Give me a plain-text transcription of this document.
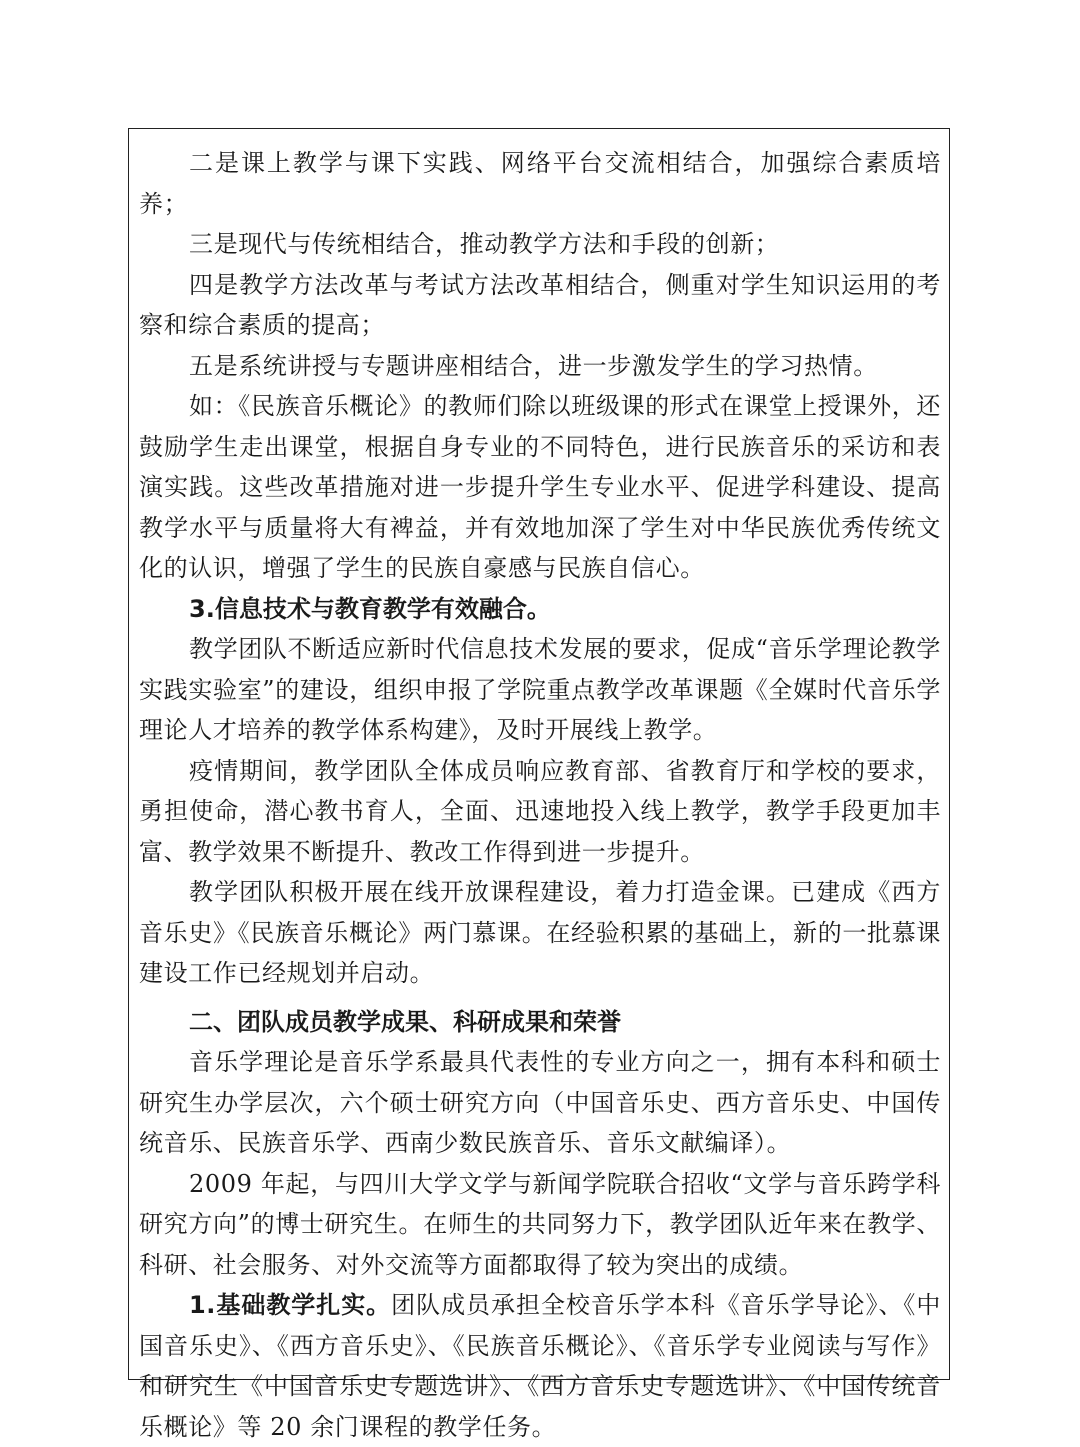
二是课上教学与课下实践、网络平台交流相结合，加强综合素质培养；

三是现代与传统相结合，推动教学方法和手段的创新；

四是教学方法改革与考试方法改革相结合，侧重对学生知识运用的考察和综合素质的提高；

五是系统讲授与专题讲座相结合，进一步激发学生的学习热情。

如：《民族音乐概论》的教师们除以班级课的形式在课堂上授课外，还鼓励学生走出课堂，根据自身专业的不同特色，进行民族音乐的采访和表演实践。这些改革措施对进一步提升学生专业水平、促进学科建设、提高教学水平与质量将大有裨益，并有效地加深了学生对中华民族优秀传统文化的认识，增强了学生的民族自豪感与民族自信心。

3.信息技术与教育教学有效融合。

教学团队不断适应新时代信息技术发展的要求，促成“音乐学理论教学实践实验室”的建设，组织申报了学院重点教学改革课题《全媒时代音乐学理论人才培养的教学体系构建》，及时开展线上教学。

疫情期间，教学团队全体成员响应教育部、省教育厅和学校的要求，勇担使命，潜心教书育人，全面、迅速地投入线上教学，教学手段更加丰富、教学效果不断提升、教改工作得到进一步提升。

教学团队积极开展在线开放课程建设，着力打造金课。已建成《西方音乐史》《民族音乐概论》两门慕课。在经验积累的基础上，新的一批慕课建设工作已经规划并启动。

二、团队成员教学成果、科研成果和荣誉

音乐学理论是音乐学系最具代表性的专业方向之一，拥有本科和硕士研究生办学层次，六个硕士研究方向（中国音乐史、西方音乐史、中国传统音乐、民族音乐学、西南少数民族音乐、音乐文献编译）。

2009 年起，与四川大学文学与新闻学院联合招收“文学与音乐跨学科研究方向”的博士研究生。在师生的共同努力下，教学团队近年来在教学、科研、社会服务、对外交流等方面都取得了较为突出的成绩。

1.基础教学扎实。团队成员承担全校音乐学本科《音乐学导论》、《中国音乐史》、《西方音乐史》、《民族音乐概论》、《音乐学专业阅读与写作》和研究生《中国音乐史专题选讲》、《西方音乐史专题选讲》、《中国传统音乐概论》等 20 余门课程的教学任务。
